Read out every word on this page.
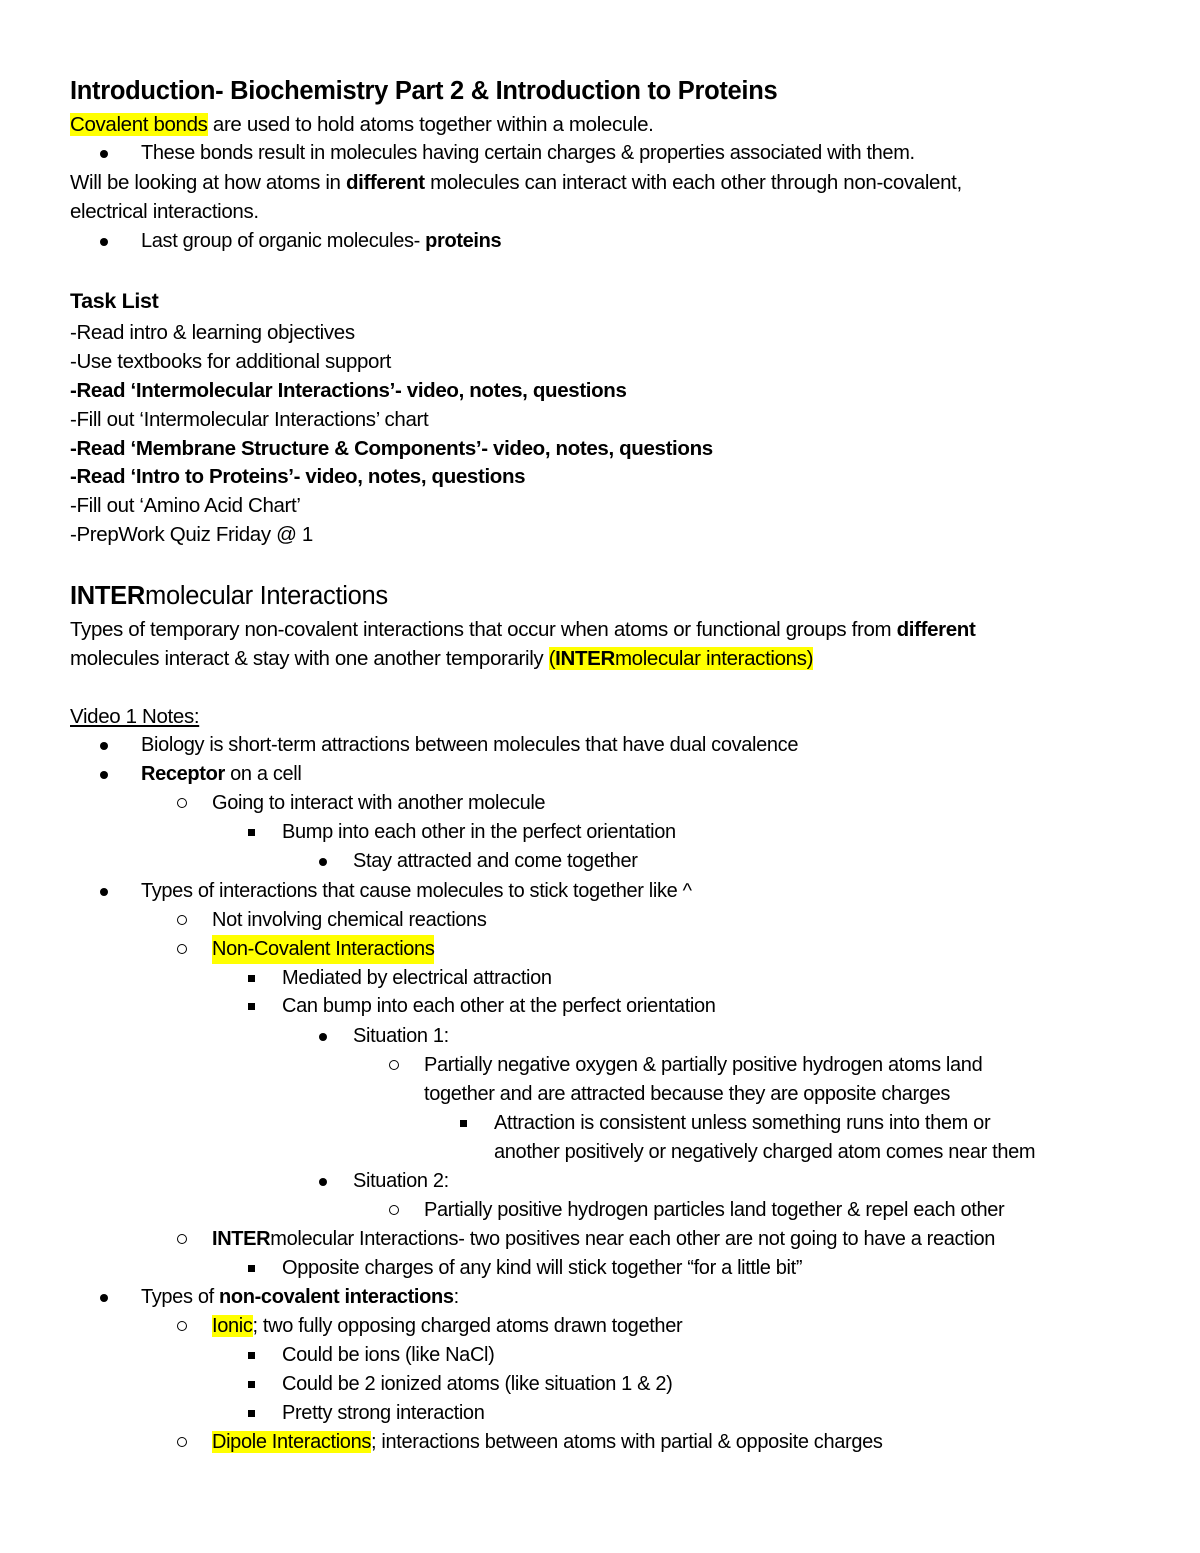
Introduction- Biochemistry Part 2 & Introduction to Proteins
Covalent bonds are used to hold atoms together within a molecule.
These bonds result in molecules having certain charges & properties associated with them.
Will be looking at how atoms in different molecules can interact with each other through non-covalent,
electrical interactions.
Last group of organic molecules- proteins
Task List
-Read intro & learning objectives
-Use textbooks for additional support
-Read ‘Intermolecular Interactions’- video, notes, questions
-Fill out ‘Intermolecular Interactions’ chart
-Read ‘Membrane Structure & Components’- video, notes, questions
-Read ‘Intro to Proteins’- video, notes, questions
-Fill out ‘Amino Acid Chart’
-PrepWork Quiz Friday @ 1
INTERmolecular Interactions
Types of temporary non-covalent interactions that occur when atoms or functional groups from different
molecules interact & stay with one another temporarily (INTERmolecular interactions)
Video 1 Notes:
Biology is short-term attractions between molecules that have dual covalence
Receptor on a cell
Going to interact with another molecule
Bump into each other in the perfect orientation
Stay attracted and come together
Types of interactions that cause molecules to stick together like ^
Not involving chemical reactions
Non-Covalent Interactions
Mediated by electrical attraction
Can bump into each other at the perfect orientation
Situation 1:
Partially negative oxygen & partially positive hydrogen atoms land
together and are attracted because they are opposite charges
Attraction is consistent unless something runs into them or
another positively or negatively charged atom comes near them
Situation 2:
Partially positive hydrogen particles land together & repel each other
INTERmolecular Interactions- two positives near each other are not going to have a reaction
Opposite charges of any kind will stick together “for a little bit”
Types of non-covalent interactions:
Ionic; two fully opposing charged atoms drawn together
Could be ions (like NaCl)
Could be 2 ionized atoms (like situation 1 & 2)
Pretty strong interaction
Dipole Interactions; interactions between atoms with partial & opposite charges
